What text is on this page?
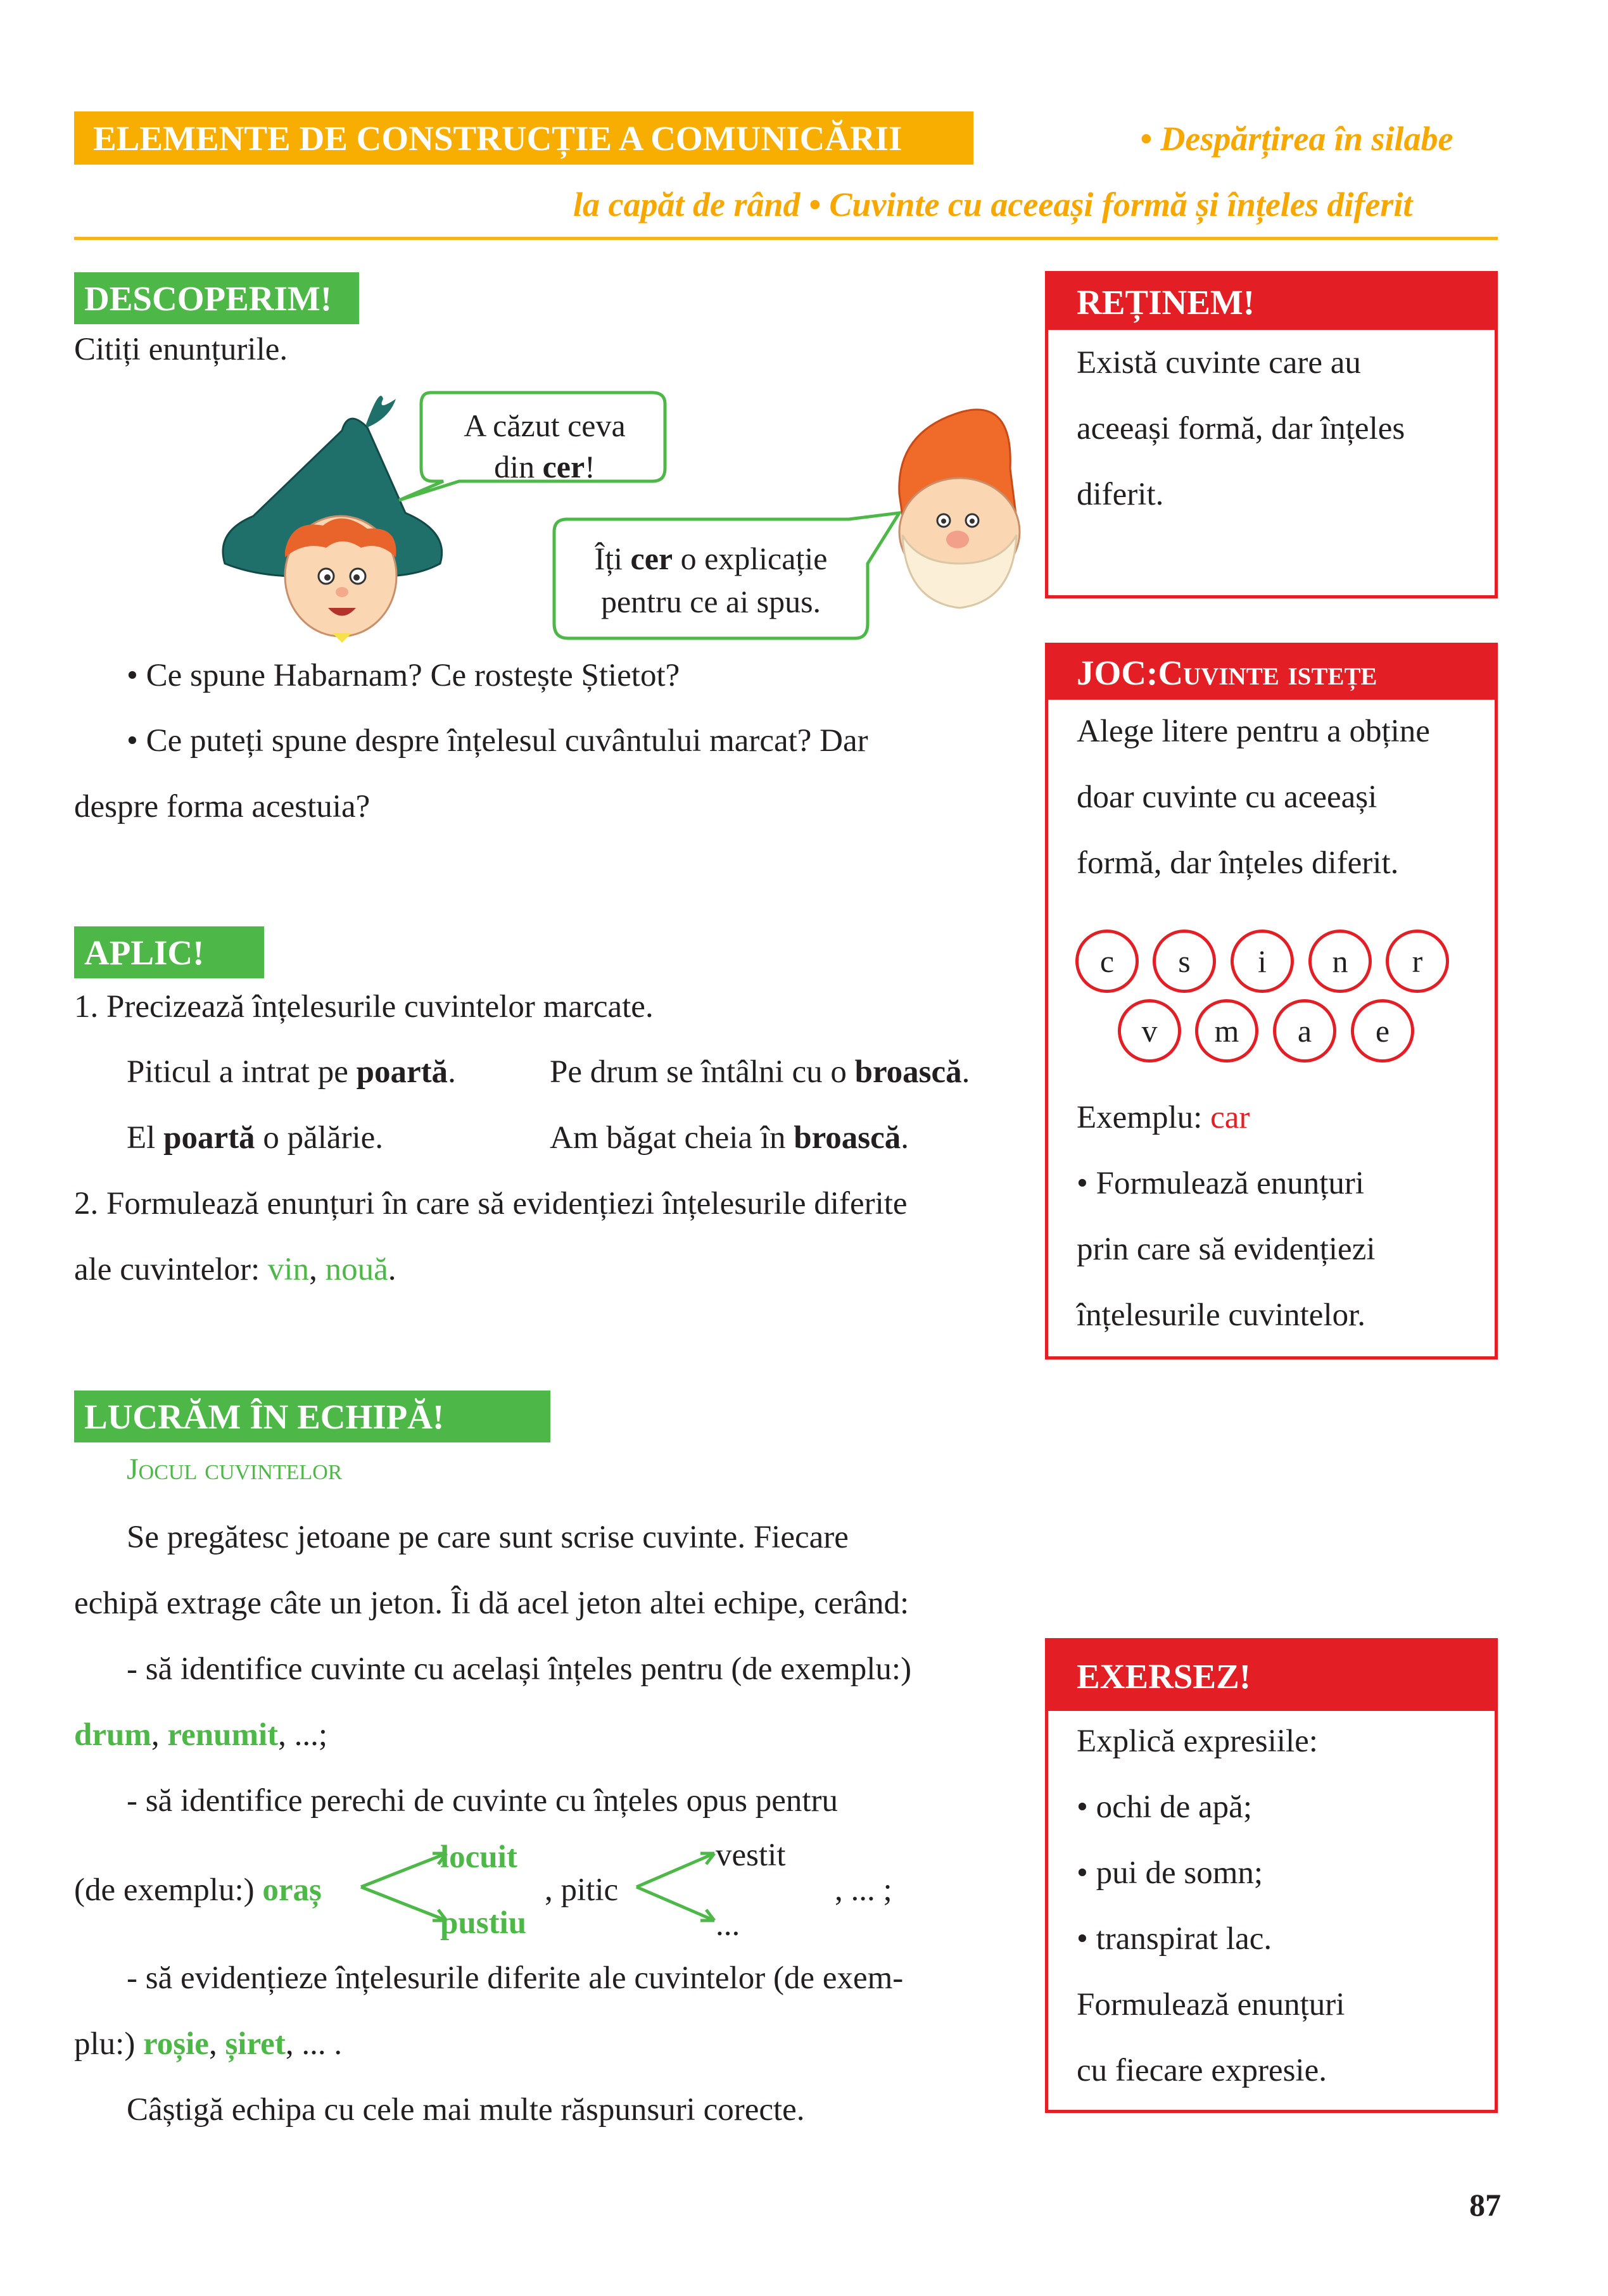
ELEMENTE DE CONSTRUCȚIE A COMUNICĂRII	• Despărțirea în silabe
la capăt de rând • Cuvinte cu aceeași formă și înțeles diferit
DESCOPERIM!
Citiți enunțurile.
A căzut ceva
din cer!
Îți cer o explicație
pentru ce ai spus.
• Ce spune Habarnam? Ce rostește Știetot?
• Ce puteți spune despre înțelesul cuvântului marcat? Dar
despre forma acestuia?
APLIC!
1. Precizează înțelesurile cuvintelor marcate.
Piticul a intrat pe poartă.	Pe drum se întâlni cu o broască.
El poartă o pălărie.	Am băgat cheia în broască.
2. Formulează enunțuri în care să evidențiezi înțelesurile diferite
ale cuvintelor: vin, nouă.
LUCRĂM ÎN ECHIPĂ!
Jocul cuvintelor
Se pregătesc jetoane pe care sunt scrise cuvinte. Fiecare
echipă extrage câte un jeton. Îi dă acel jeton altei echipe, cerând:
- să identifice cuvinte cu același înțeles pentru (de exemplu:)
drum, renumit, ...;
- să identifice perechi de cuvinte cu înțeles opus pentru
(de exemplu:) oraș
locuit
pustiu
, pitic
vestit
...
, ... ;
- să evidențieze înțelesurile diferite ale cuvintelor (de exem-
plu:) roșie, șiret, ... .
Câștigă echipa cu cele mai multe răspunsuri corecte.
REȚINEM!
Există cuvinte care au
aceeași formă, dar înțeles
diferit.
JOC: Cuvinte istețe
Alege litere pentru a obține
doar cuvinte cu aceeași
formă, dar înțeles diferit.
c s i n r
v m a e
Exemplu: car
• Formulează enunțuri
prin care să evidențiezi
înțelesurile cuvintelor.
EXERSEZ!
Explică expresiile:
• ochi de apă;
• pui de somn;
• transpirat lac.
Formulează enunțuri
cu fiecare expresie.
87
